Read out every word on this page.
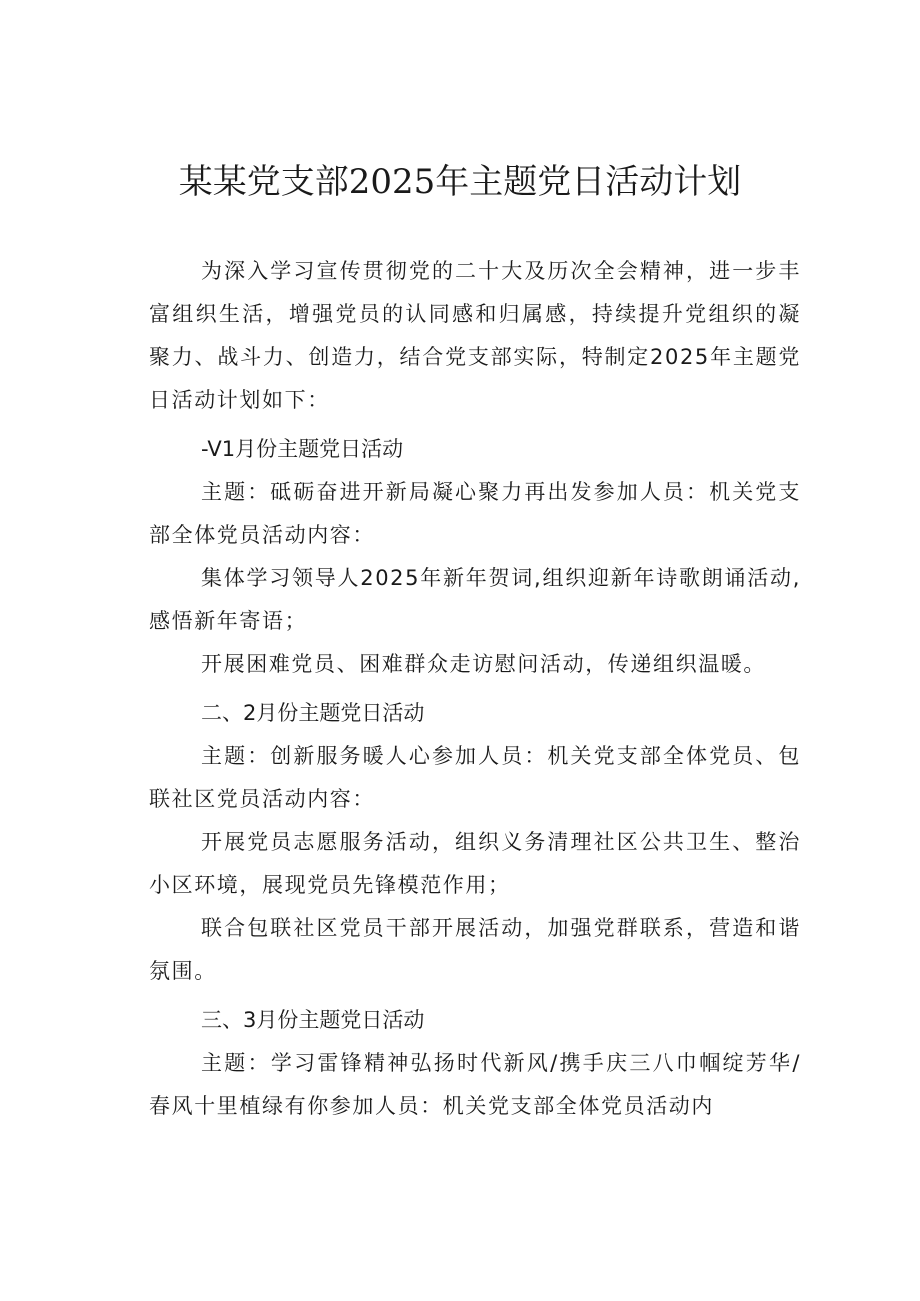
某某党支部2025年主题党日活动计划

为深入学习宣传贯彻党的二十大及历次全会精神，进一步丰富组织生活，增强党员的认同感和归属感，持续提升党组织的凝聚力、战斗力、创造力，结合党支部实际，特制定2025年主题党日活动计划如下：

-V1月份主题党日活动

主题：砥砺奋进开新局凝心聚力再出发参加人员：机关党支部全体党员活动内容：

集体学习领导人2025年新年贺词,组织迎新年诗歌朗诵活动,感悟新年寄语；

开展困难党员、困难群众走访慰问活动，传递组织温暖。

二、2月份主题党日活动

主题：创新服务暖人心参加人员：机关党支部全体党员、包联社区党员活动内容：

开展党员志愿服务活动，组织义务清理社区公共卫生、整治小区环境，展现党员先锋模范作用；

联合包联社区党员干部开展活动，加强党群联系，营造和谐氛围。

三、3月份主题党日活动

主题：学习雷锋精神弘扬时代新风/携手庆三八巾帼绽芳华/春风十里植绿有你参加人员：机关党支部全体党员活动内
